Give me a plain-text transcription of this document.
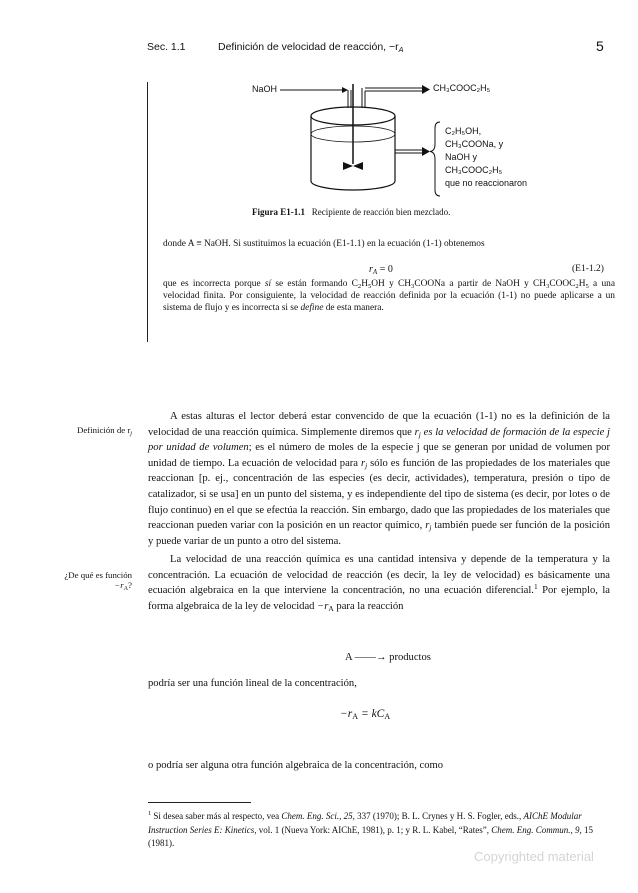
Sec. 1.1	Definición de velocidad de reacción, $-r_A$	5
NaOH	CH₃COOC₂H₅
C₂H₅OH,
CH₃COONa, y
NaOH y
CH₃COOC₂H₅
que no reaccionaron
Figura E1-1.1 Recipiente de reacción bien mezclado.
donde A ≡ NaOH. Si sustituimos la ecuación (E1-1.1) en la ecuación (1-1) obtenemos
$r_A = 0$	(E1-1.2)
que es incorrecta porque sí se están formando $C_2H_5OH$ y $CH_3COONa$ a partir de NaOH y $CH_3COOC_2H_5$ a una velocidad finita. Por consiguiente, la velocidad de reacción definida por la ecuación (1-1) no puede aplicarse a un sistema de flujo y es incorrecta si se define de esta manera.
Definición de $r_j$
¿De qué es función
$-r_A$?
A estas alturas el lector deberá estar convencido de que la ecuación (1-1) no es la definición de la velocidad de una reacción química. Simplemente diremos que $r_j$ es la velocidad de formación de la especie j por unidad de volumen; es el número de moles de la especie j que se generan por unidad de volumen por unidad de tiempo. La ecuación de velocidad para $r_j$ sólo es función de las propiedades de los materiales que reaccionan [p. ej., concentración de las especies (es decir, actividades), temperatura, presión o tipo de catalizador, si se usa] en un punto del sistema, y es independiente del tipo de sistema (es decir, por lotes o de flujo continuo) en el que se efectúa la reacción. Sin embargo, dado que las propiedades de los materiales que reaccionan pueden variar con la posición en un reactor químico, $r_j$ también puede ser función de la posición y puede variar de un punto a otro del sistema.
La velocidad de una reacción química es una cantidad intensiva y depende de la temperatura y la concentración. La ecuación de velocidad de reacción (es decir, la ley de velocidad) es básicamente una ecuación algebraica en la que interviene la concentración, no una ecuación diferencial.$^1$ Por ejemplo, la forma algebraica de la ley de velocidad $-r_A$ para la reacción
A ——→ productos
podría ser una función lineal de la concentración,
$-r_A = kC_A$
o podría ser alguna otra función algebraica de la concentración, como
$^1$ Si desea saber más al respecto, vea Chem. Eng. Sci., 25, 337 (1970); B. L. Crynes y H. S. Fogler, eds., AIChE Modular Instruction Series E: Kinetics, vol. 1 (Nueva York: AIChE, 1981), p. 1; y R. L. Kabel, “Rates”, Chem. Eng. Commun., 9, 15 (1981).
Copyrighted material
